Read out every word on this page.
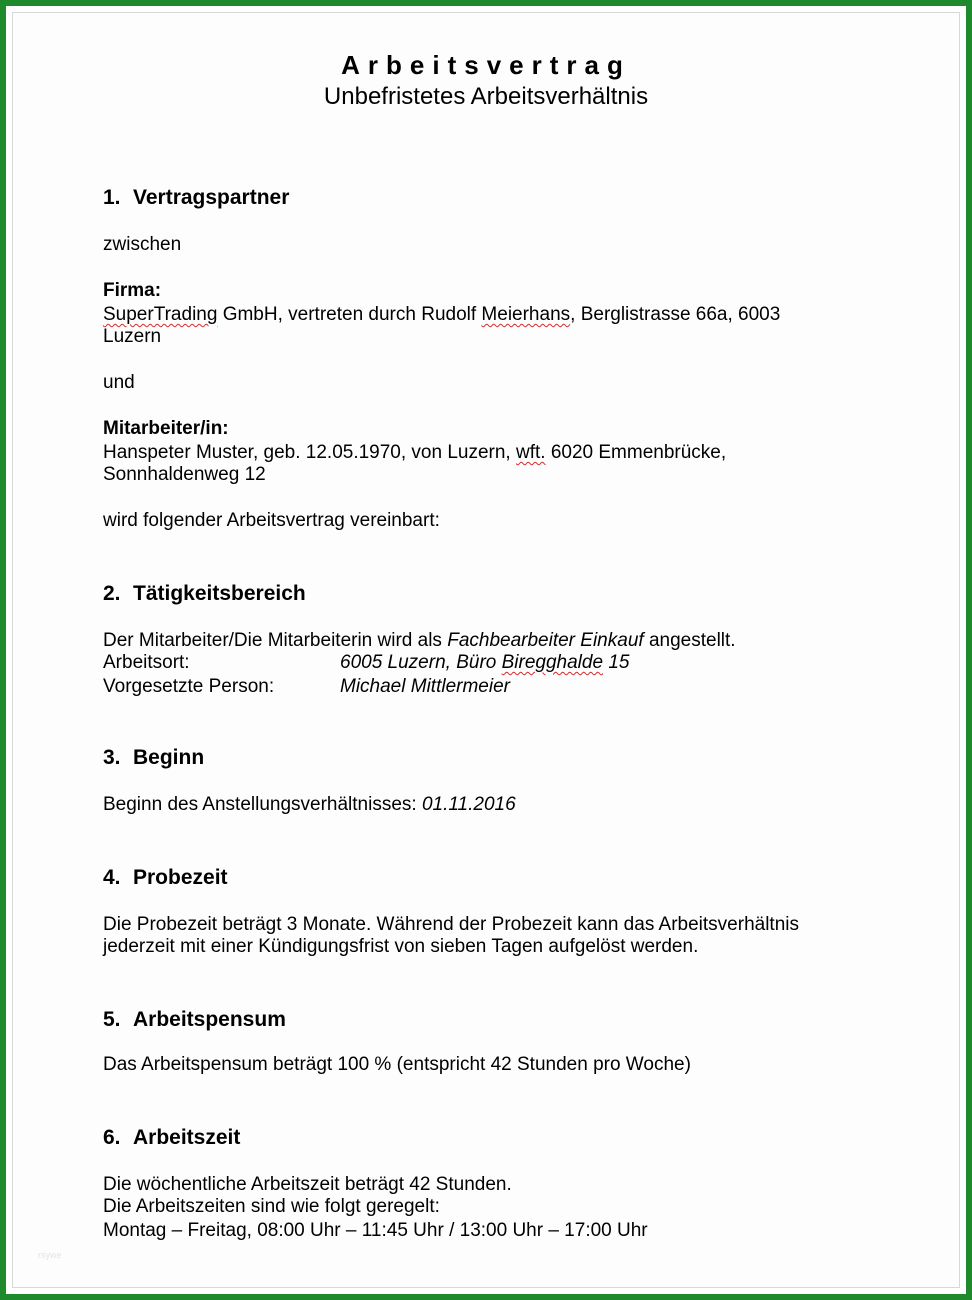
Arbeitsvertrag
Unbefristetes Arbeitsverhältnis
1. Vertragspartner
zwischen
Firma:
SuperTrading GmbH, vertreten durch Rudolf Meierhans, Berglistrasse 66a, 6003
Luzern
und
Mitarbeiter/in:
Hanspeter Muster, geb. 12.05.1970, von Luzern, wft. 6020 Emmenbrücke,
Sonnhaldenweg 12
wird folgender Arbeitsvertrag vereinbart:
2. Tätigkeitsbereich
Der Mitarbeiter/Die Mitarbeiterin wird als Fachbearbeiter Einkauf angestellt.
Arbeitsort:	6005 Luzern, Büro Biregghalde 15
Vorgesetzte Person:	Michael Mittlermeier
3. Beginn
Beginn des Anstellungsverhältnisses: 01.11.2016
4. Probezeit
Die Probezeit beträgt 3 Monate. Während der Probezeit kann das Arbeitsverhältnis
jederzeit mit einer Kündigungsfrist von sieben Tagen aufgelöst werden.
5. Arbeitspensum
Das Arbeitspensum beträgt 100 % (entspricht 42 Stunden pro Woche)
6. Arbeitszeit
Die wöchentliche Arbeitszeit beträgt 42 Stunden.
Die Arbeitszeiten sind wie folgt geregelt:
Montag – Freitag, 08:00 Uhr – 11:45 Uhr / 13:00 Uhr – 17:00 Uhr
rsywe
